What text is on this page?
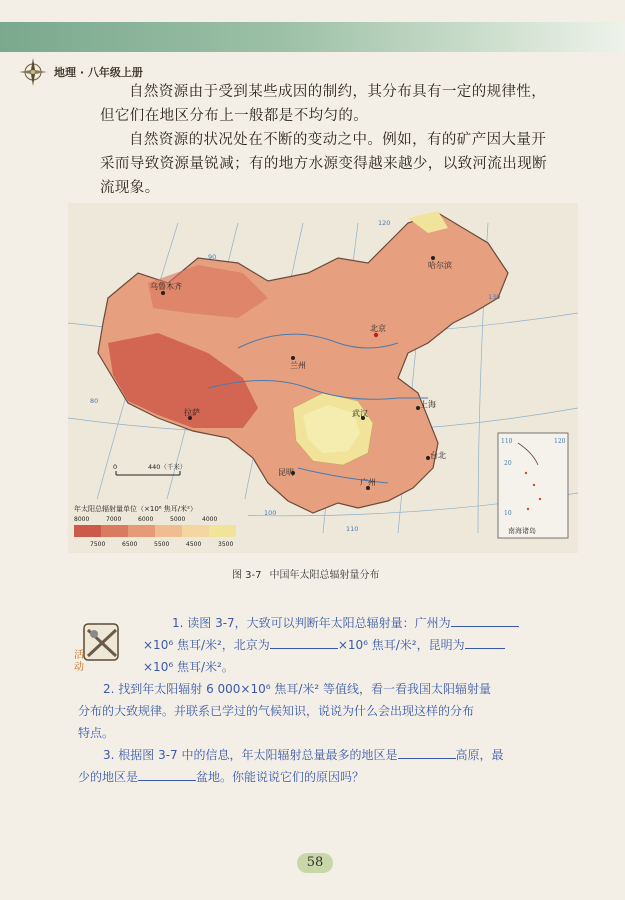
地理 · 八年级上册

自然资源由于受到某些成因的制约，其分布具有一定的规律性，但它们在地区分布上一般都是不均匀的。

自然资源的状况处在不断的变动之中。例如，有的矿产因大量开采而导致资源量锐减；有的地方水源变得越来越少，以致河流出现断流现象。

南海诸岛
110	120
20
10
乌鲁木齐
哈尔滨
北京
兰州
拉萨	武汉
上海
昆明
广州
台北
80
90
100
110
120
130
0	440（千米）
年太阳总辐射量单位（×10⁶ 焦耳/米²）
8000	7000	6000	5000	4000
7500	6500	5500	4500	3500
图 3-7 中国年太阳总辐射量分布
活
动
1. 读图 3-7，大致可以判断年太阳总辐射量：广州为
×10⁶ 焦耳/米²，北京为	×10⁶ 焦耳/米²，昆明为
×10⁶ 焦耳/米²。
2. 找到年太阳辐射 6 000×10⁶ 焦耳/米² 等值线，看一看我国太阳辐射量
分布的大致规律。并联系已学过的气候知识，说说为什么会出现这样的分布
特点。
3. 根据图 3-7 中的信息，年太阳辐射总量最多的地区是	高原，最
少的地区是	盆地。你能说说它们的原因吗？
58
